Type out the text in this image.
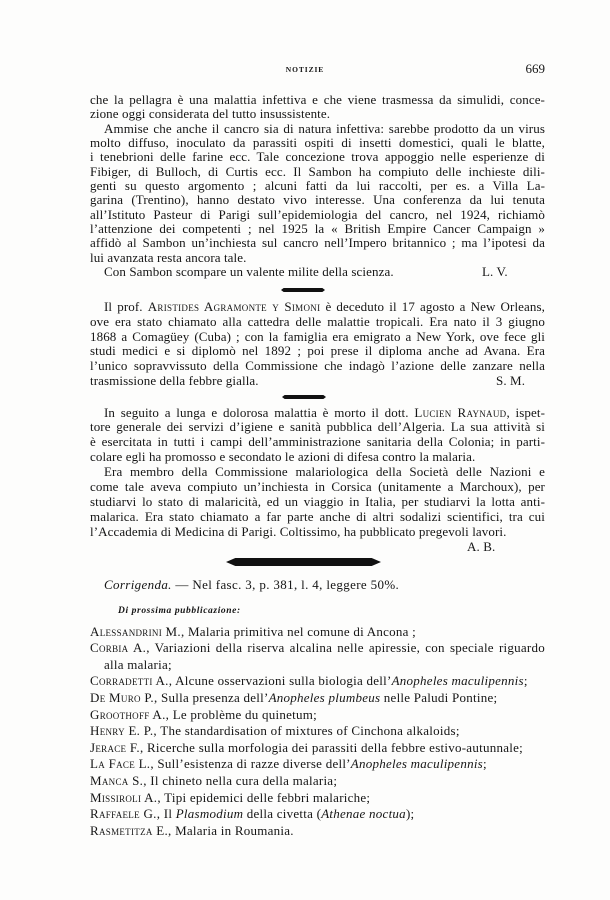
NOTIZIE	669
che la pellagra è una malattia infettiva e che viene trasmessa da simulidi, conce-
zione oggi considerata del tutto insussistente.
Ammise che anche il cancro sia di natura infettiva: sarebbe prodotto da un virus
molto diffuso, inoculato da parassiti ospiti di insetti domestici, quali le blatte,
i tenebrioni delle farine ecc. Tale concezione trova appoggio nelle esperienze di
Fibiger, di Bulloch, di Curtis ecc. Il Sambon ha compiuto delle inchieste dili-
genti su questo argomento ; alcuni fatti da lui raccolti, per es. a Villa La-
garina (Trentino), hanno destato vivo interesse. Una conferenza da lui tenuta
all’Istituto Pasteur di Parigi sull’epidemiologia del cancro, nel 1924, richiamò
l’attenzione dei competenti ; nel 1925 la « British Empire Cancer Campaign »
affidò al Sambon un’inchiesta sul cancro nell’Impero britannico ; ma l’ipotesi da
lui avanzata resta ancora tale.
Con Sambon scompare un valente milite della scienza.	L. V.
Il prof. Aristides Agramonte y Simoni è deceduto il 17 agosto a New Orleans,
ove era stato chiamato alla cattedra delle malattie tropicali. Era nato il 3 giugno
1868 a Comagüey (Cuba) ; con la famiglia era emigrato a New York, ove fece gli
studi medici e si diplomò nel 1892 ; poi prese il diploma anche ad Avana. Era
l’unico sopravvissuto della Commissione che indagò l’azione delle zanzare nella
trasmissione della febbre gialla.	S. M.
In seguito a lunga e dolorosa malattia è morto il dott. Lucien Raynaud, ispet-
tore generale dei servizi d’igiene e sanità pubblica dell’Algeria. La sua attività si
è esercitata in tutti i campi dell’amministrazione sanitaria della Colonia; in parti-
colare egli ha promosso e secondato le azioni di difesa contro la malaria.
Era membro della Commissione malariologica della Società delle Nazioni e
come tale aveva compiuto un’inchiesta in Corsica (unitamente a Marchoux), per
studiarvi lo stato di malaricità, ed un viaggio in Italia, per studiarvi la lotta anti-
malarica. Era stato chiamato a far parte anche di altri sodalizi scientifici, tra cui
l’Accademia di Medicina di Parigi. Coltissimo, ha pubblicato pregevoli lavori.
A. B.
Corrigenda. — Nel fasc. 3, p. 381, l. 4, leggere 50%.
Di prossima pubblicazione:
Alessandrini M., Malaria primitiva nel comune di Ancona ;
Corbia A., Variazioni della riserva alcalina nelle apiressie, con speciale riguardo
alla malaria;
Corradetti A., Alcune osservazioni sulla biologia dell’Anopheles maculipennis;
De Muro P., Sulla presenza dell’Anopheles plumbeus nelle Paludi Pontine;
Groothoff A., Le problème du quinetum;
Henry E. P., The standardisation of mixtures of Cinchona alkaloids;
Jerace F., Ricerche sulla morfologia dei parassiti della febbre estivo-autunnale;
La Face L., Sull’esistenza di razze diverse dell’Anopheles maculipennis;
Manca S., Il chineto nella cura della malaria;
Missiroli A., Tipi epidemici delle febbri malariche;
Raffaele G., Il Plasmodium della civetta (Athenae noctua);
Rasmetitza E., Malaria in Roumania.
